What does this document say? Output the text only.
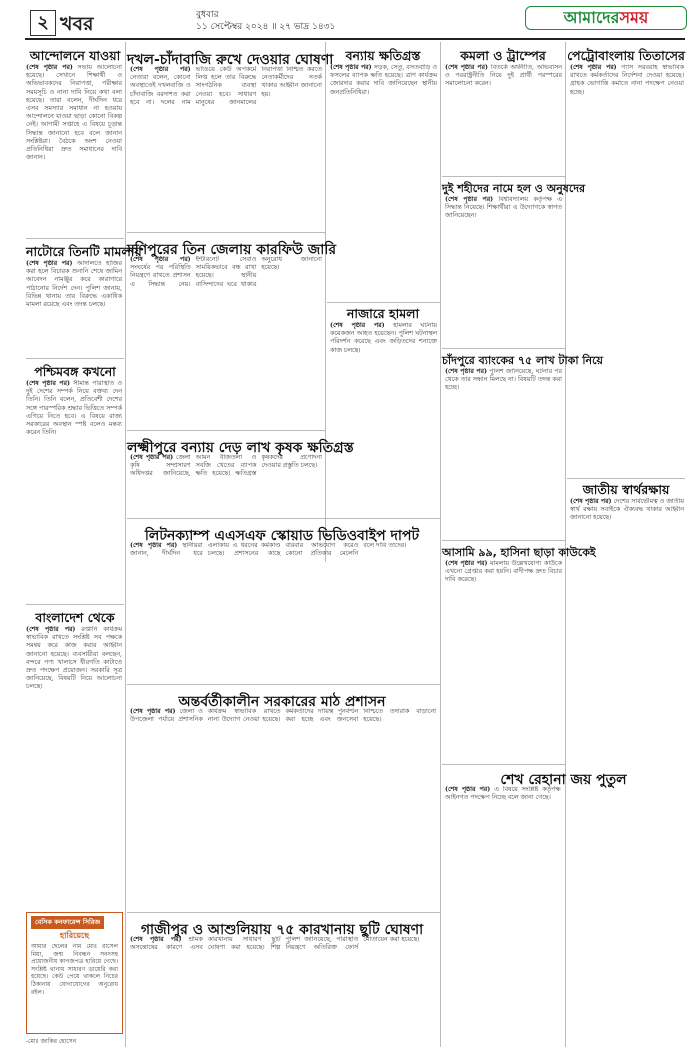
২ খবর	বুধবার
১১ সেপ্টেম্বর ২০২৪ ॥ ২৭ ভাদ্র ১৪৩১	আমাদেরসময়
আন্দোলনে যাওয়া
(শেষ পৃষ্ঠার পর) সভায় আলোচনা হয়েছে। সেখানে শিক্ষার্থী ও অভিভাবকদের নিরাপত্তা, পরীক্ষার সময়সূচি ও নানা দাবি নিয়ে কথা বলা হয়েছে। তারা বলেন, দীর্ঘদিন ধরে এসব সমস্যার সমাধান না হওয়ায় আন্দোলনে যাওয়া ছাড়া কোনো বিকল্প নেই। আগামী সপ্তাহে এ বিষয়ে চূড়ান্ত সিদ্ধান্ত জানানো হবে বলে জানান সংশ্লিষ্টরা। বৈঠকে অংশ নেওয়া প্রতিনিধিরা দ্রুত সমাধানের দাবি জানান।
নাটোরে তিনটি মামলায়
(শেষ পৃষ্ঠার পর) আদালতে হাজির করা হলে বিচারক শুনানি শেষে জামিন আবেদন নামঞ্জুর করে কারাগারে পাঠানোর নির্দেশ দেন। পুলিশ জানায়, বিভিন্ন থানায় তার বিরুদ্ধে একাধিক মামলা রয়েছে এবং তদন্ত চলছে।
পশ্চিমবঙ্গ কখনো
(শেষ পৃষ্ঠার পর) সীমান্ত পরিস্থিতি ও দুই দেশের সম্পর্ক নিয়ে বক্তব্য দেন তিনি। তিনি বলেন, প্রতিবেশী দেশের সঙ্গে পারস্পরিক শ্রদ্ধার ভিত্তিতে সম্পর্ক এগিয়ে নিতে হবে। এ বিষয়ে রাজ্য সরকারের অবস্থান স্পষ্ট বলেও মন্তব্য করেন তিনি।
বাংলাদেশ থেকে
(শেষ পৃষ্ঠার পর) রপ্তানি কার্যক্রম স্বাভাবিক রাখতে সংশ্লিষ্ট সব পক্ষকে সমন্বয় করে কাজ করার আহ্বান জানানো হয়েছে। ব্যবসায়ীরা বলছেন, বন্দরে পণ্য খালাসে ধীরগতি কাটাতে দ্রুত পদক্ষেপ প্রয়োজন। সরকারি সূত্র জানিয়েছে, বিষয়টি নিয়ে আলোচনা চলছে।
বেসিক কনফারেন্স সিরিজ
হারিয়েছে
আমার ছেলের নাম মোঃ রাসেল মিয়া, জন্ম নিবন্ধন সনদসহ প্রয়োজনীয় কাগজপত্র হারিয়ে গেছে। সংশ্লিষ্ট থানায় সাধারণ ডায়েরি করা হয়েছে। কেউ পেয়ে থাকলে নিচের ঠিকানায় যোগাযোগের অনুরোধ রইল।
-মোঃ জাকির হোসেন
দখল-চাঁদাবাজি রুখে দেওয়ার ঘোষণা
(শেষ পৃষ্ঠার পর) নেতারা বলেন, কোনো অবস্থাতেই দখলবাজি ও চাঁদাবাজি বরদাশত করা হবে না। দলের নাম ভাঙিয়ে কেউ অপকর্মে লিপ্ত হলে তার বিরুদ্ধে সাংগঠনিক ব্যবস্থা নেওয়া হবে। সাধারণ মানুষের জানমালের নিরাপত্তা নিশ্চিত করতে নেতাকর্মীদের সতর্ক থাকার আহ্বান জানানো হয়।
মণিপুরের তিন জেলায় কারফিউ জারি
(শেষ পৃষ্ঠার পর) সংঘর্ষের পর পরিস্থিতি নিয়ন্ত্রণে রাখতে প্রশাসন এ সিদ্ধান্ত নেয়। ইন্টারনেট সেবাও সাময়িকভাবে বন্ধ রাখা হয়েছে। স্থানীয় বাসিন্দাদের ঘরে থাকার অনুরোধ জানানো হয়েছে।
লক্ষ্মীপুরে বন্যায় দেড় লাখ কৃষক ক্ষতিগ্রস্ত
(শেষ পৃষ্ঠার পর) জেলা কৃষি সম্প্রসারণ অধিদপ্তর জানিয়েছে, আমন বীজতলা ও সবজি খেতের ব্যাপক ক্ষতি হয়েছে। ক্ষতিগ্রস্ত কৃষকদের প্রণোদনা দেওয়ার প্রস্তুতি চলছে।
লিটনক্যাম্প এএসএফ স্কোয়াড ভিডিওবাইপ দাপট
(শেষ পৃষ্ঠার পর) স্থানীয়রা জানান, দীর্ঘদিন ধরে এলাকায় এ ধরনের কর্মকাণ্ড চলছে। প্রশাসনের কাছে বারবার অভিযোগ করেও কোনো প্রতিকার মেলেনি বলে দাবি তাদের।
অন্তর্বর্তীকালীন সরকারের মাঠ প্রশাসন
(শেষ পৃষ্ঠার পর) জেলা ও উপজেলা পর্যায়ে প্রশাসনিক কার্যক্রম স্বাভাবিক রাখতে নানা উদ্যোগ নেওয়া হয়েছে। কর্মকর্তাদের দায়িত্ব পুনর্বণ্টন করা হচ্ছে এবং জনসেবা নিশ্চিতে তদারকি বাড়ানো হয়েছে।
গাজীপুর ও আশুলিয়ায় ৭৫ কারখানায় ছুটি ঘোষণা
(শেষ পৃষ্ঠার পর) শ্রমিক অসন্তোষের কারণে এসব কারখানায় সাধারণ ছুটি ঘোষণা করা হয়েছে। শিল্প পুলিশ জানিয়েছে, পরিস্থিতি নিয়ন্ত্রণে অতিরিক্ত ফোর্স মোতায়েন করা হয়েছে।
বন্যায় ক্ষতিগ্রস্ত
(শেষ পৃষ্ঠার পর) সড়ক, সেতু, বসতবাড়ি ও ফসলের ব্যাপক ক্ষতি হয়েছে। ত্রাণ কার্যক্রম জোরদার করার দাবি জানিয়েছেন স্থানীয় জনপ্রতিনিধিরা।
নাজারে হামলা
(শেষ পৃষ্ঠার পর) হামলার ঘটনায় কয়েকজন আহত হয়েছেন। পুলিশ ঘটনাস্থল পরিদর্শন করেছে এবং জড়িতদের শনাক্তে কাজ চলছে।
কমলা ও ট্রাম্পের
(শেষ পৃষ্ঠার পর) বিতর্কে অর্থনীতি, অভিবাসন ও পররাষ্ট্রনীতি নিয়ে দুই প্রার্থী পরস্পরের সমালোচনা করেন।
দুই শহীদের নামে হল ও অনুষদের
(শেষ পৃষ্ঠার পর) বিশ্ববিদ্যালয় কর্তৃপক্ষ এ সিদ্ধান্ত নিয়েছে। শিক্ষার্থীরা এ উদ্যোগকে স্বাগত জানিয়েছেন।
চাঁদপুরে ব্যাংকের ৭৫ লাখ টাকা নিয়ে
(শেষ পৃষ্ঠার পর) পুলিশ জানিয়েছে, ঘটনার পর থেকে তার সন্ধান মিলছে না। বিষয়টি তদন্ত করা হচ্ছে।
আসামি ৯৯, হাসিনা ছাড়া কাউকেই
(শেষ পৃষ্ঠার পর) মামলায় উল্লেখযোগ্য কাউকে এখনো গ্রেপ্তার করা হয়নি। বাদীপক্ষ দ্রুত বিচার দাবি করেছে।
শেখ রেহানা জয় পুতুল
(শেষ পৃষ্ঠার পর) এ বিষয়ে সংশ্লিষ্ট কর্তৃপক্ষ আইনগত পদক্ষেপ নিচ্ছে বলে জানা গেছে।
পেট্রোবাংলায় তিতাসের
(শেষ পৃষ্ঠার পর) গ্যাস সরবরাহ স্বাভাবিক রাখতে কর্মকর্তাদের নির্দেশনা দেওয়া হয়েছে। গ্রাহক ভোগান্তি কমাতে নানা পদক্ষেপ নেওয়া হচ্ছে।
জাতীয় স্বার্থরক্ষায়
(শেষ পৃষ্ঠার পর) দেশের সার্বভৌমত্ব ও জাতীয় স্বার্থ রক্ষায় সবাইকে ঐক্যবদ্ধ থাকার আহ্বান জানানো হয়েছে।
